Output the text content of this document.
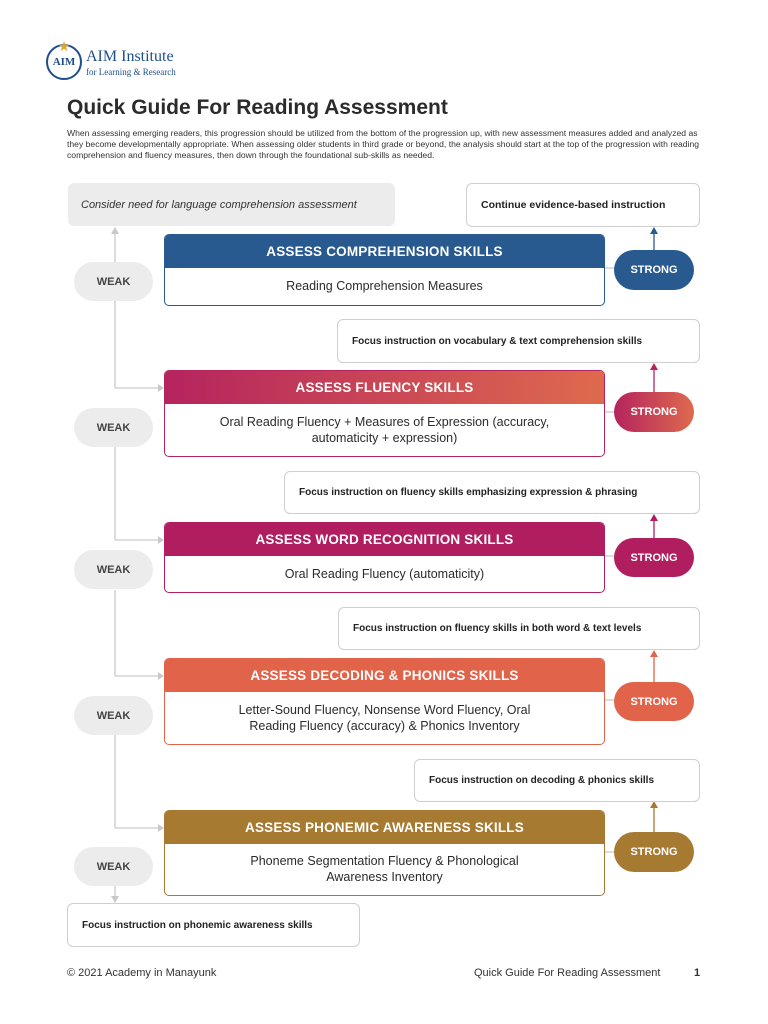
AIM
★
AIM Institute
for Learning & Research
Quick Guide For Reading Assessment
When assessing emerging readers, this progression should be utilized from the bottom of the progression up, with new assessment measures added and analyzed as they become developmentally appropriate. When assessing older students in third grade or beyond, the analysis should start at the top of the progression with reading comprehension and fluency measures, then down through the foundational sub-skills as needed.
Consider need for language comprehension assessment	Continue evidence-based instruction
ASSESS COMPREHENSION SKILLS
Reading Comprehension Measures
WEAK
STRONG
Focus instruction on vocabulary & text comprehension skills
ASSESS FLUENCY SKILLS
Oral Reading Fluency + Measures of Expression (accuracy, automaticity + expression)
WEAK
STRONG
Focus instruction on fluency skills emphasizing expression & phrasing
ASSESS WORD RECOGNITION SKILLS
Oral Reading Fluency (automaticity)
WEAK
STRONG
Focus instruction on fluency skills in both word & text levels
ASSESS DECODING & PHONICS SKILLS
Letter-Sound Fluency, Nonsense Word Fluency, Oral Reading Fluency (accuracy) & Phonics Inventory
WEAK
STRONG
Focus instruction on decoding & phonics skills
ASSESS PHONEMIC AWARENESS SKILLS
Phoneme Segmentation Fluency & Phonological Awareness Inventory
WEAK
STRONG
Focus instruction on phonemic awareness skills
© 2021 Academy in Manayunk	Quick Guide For Reading Assessment	1
